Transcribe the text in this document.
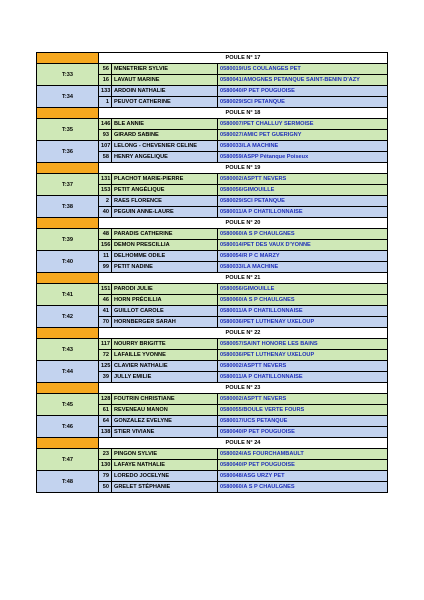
	POULE N° 17		
T:33	56	MENETRIER SYLVIE	0580019/US COULANGES PET
	16	LAVAUT MARINE	0580041/AMOGNES PETANQUE SAINT-BENIN D'AZY
T:34	133	ARDOIN NATHALIE	0580040/P PET POUGUOISE
	1	PEUVOT CATHERINE	0580029/SCI PETANQUE
	POULE N° 18		
T:35	146	BLE ANNIE	0580007/PET CHALLUY SERMOISE
	93	GIRARD SABINE	0580027/AMIC PET GUERIGNY
T:36	107	LELONG - CHEVENIER CELINE	0580033/LA MACHINE
	58	HENRY ANGELIQUE	0580059/ASPP Pétanque Poiseux
	POULE N° 19		
T:37	131	PLACHOT MARIE-PIERRE	0580002/ASPTT NEVERS
	153	PETIT ANGÉLIQUE	0580056/GIMOUILLE
T:38	2	RAES FLORENCE	0580029/SCI PETANQUE
	40	PEGUIN ANNE-LAURE	0580011/A P CHATILLONNAISE
	POULE N° 20		
T:39	48	PARADIS CATHERINE	0580060/A S P CHAULGNES
	156	DEMON PRESCILLIA	0580014/PET DES VAUX D'YONNE
T:40	11	DELHOMME ODILE	0580054/R P C MARZY
	99	PETIT NADINE	0580033/LA MACHINE
	POULE N° 21		
T:41	151	PARODI JULIE	0580056/GIMOUILLE
	46	HORN PRÉCILLIA	0580060/A S P CHAULGNES
T:42	41	GUILLOT CAROLE	0580011/A P CHATILLONNAISE
	70	HORNBERGER SARAH	0580036/PET LUTHENAY UXELOUP
	POULE N° 22		
T:43	117	NOURRY BRIGITTE	0580057/SAINT HONORE LES BAINS
	72	LAFAILLE YVONNE	0580036/PET LUTHENAY UXELOUP
T:44	125	CLAVIER NATHALIE	0580002/ASPTT NEVERS
	39	JULLY EMILIE	0580011/A P CHATILLONNAISE
	POULE N° 23		
T:45	128	FOUTRIN CHRISTIANE	0580002/ASPTT NEVERS
	61	REVENEAU MANON	0580055/BOULE VERTE FOURS
T:46	64	GONZALEZ EVELYNE	0580017/UCS PETANQUE
	138	STIER VIVIANE	0580040/P PET POUGUOISE
	POULE N° 24		
T:47	23	PINGON SYLVIE	0580024/AS FOURCHAMBAULT
	130	LAFAYE NATHALIE	0580040/P PET POUGUOISE
T:48	79	LOREDO JOCELYNE	0580048/ASG URZY PET
	50	GRELET STÉPHANIE	0580060/A S P CHAULGNES
